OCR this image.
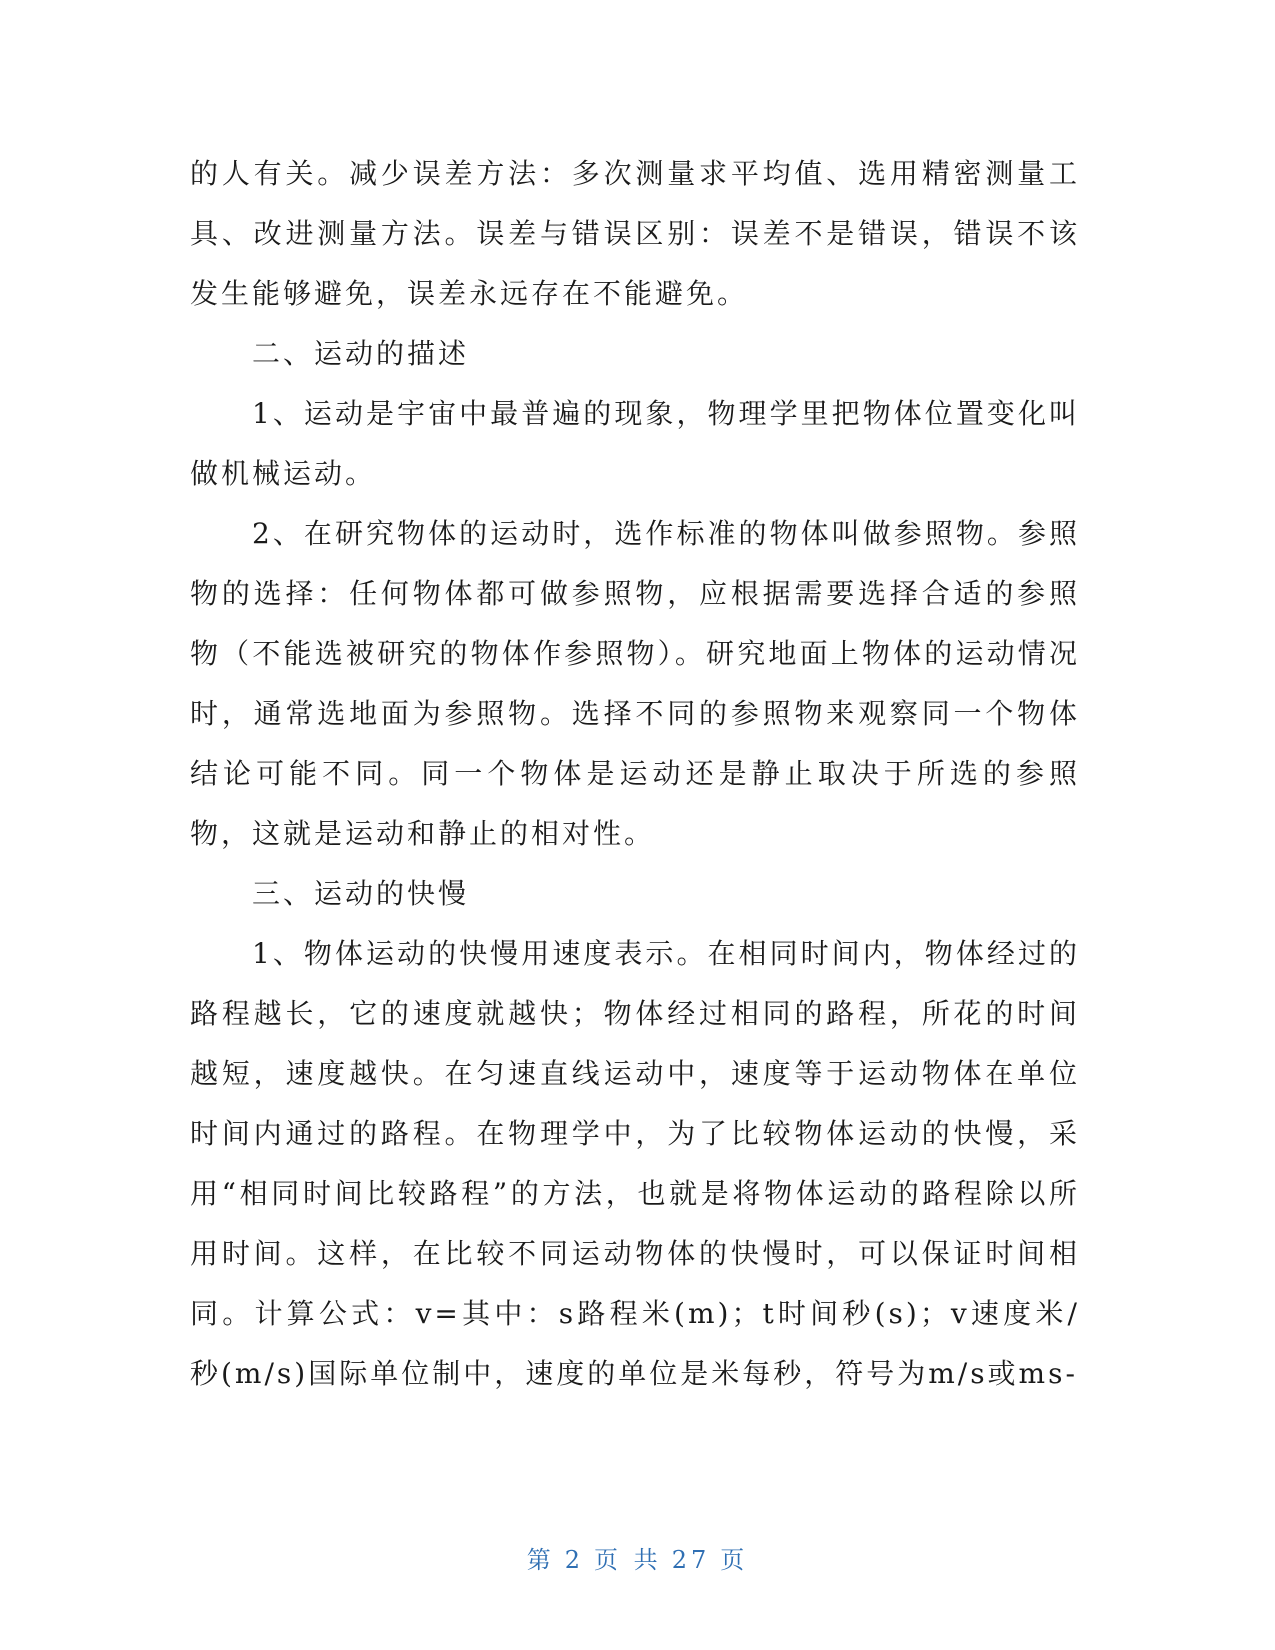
的人有关。减少误差方法：多次测量求平均值、选用精密测量工具、改进测量方法。误差与错误区别：误差不是错误，错误不该发生能够避免，误差永远存在不能避免。

二、运动的描述

1、运动是宇宙中最普遍的现象，物理学里把物体位置变化叫做机械运动。

2、在研究物体的运动时，选作标准的物体叫做参照物。参照物的选择：任何物体都可做参照物，应根据需要选择合适的参照物（不能选被研究的物体作参照物）。研究地面上物体的运动情况时，通常选地面为参照物。选择不同的参照物来观察同一个物体结论可能不同。同一个物体是运动还是静止取决于所选的参照物，这就是运动和静止的相对性。

三、运动的快慢

1、物体运动的快慢用速度表示。在相同时间内，物体经过的路程越长，它的速度就越快；物体经过相同的路程，所花的时间越短，速度越快。在匀速直线运动中，速度等于运动物体在单位时间内通过的路程。在物理学中，为了比较物体运动的快慢，采用“相同时间比较路程”的方法，也就是将物体运动的路程除以所用时间。这样，在比较不同运动物体的快慢时，可以保证时间相同。计算公式：v=其中：s路程米(m)；t时间秒(s)；v速度米/秒(m/s)国际单位制中，速度的单位是米每秒，符号为m/s或ms-

第 2 页 共 27 页
